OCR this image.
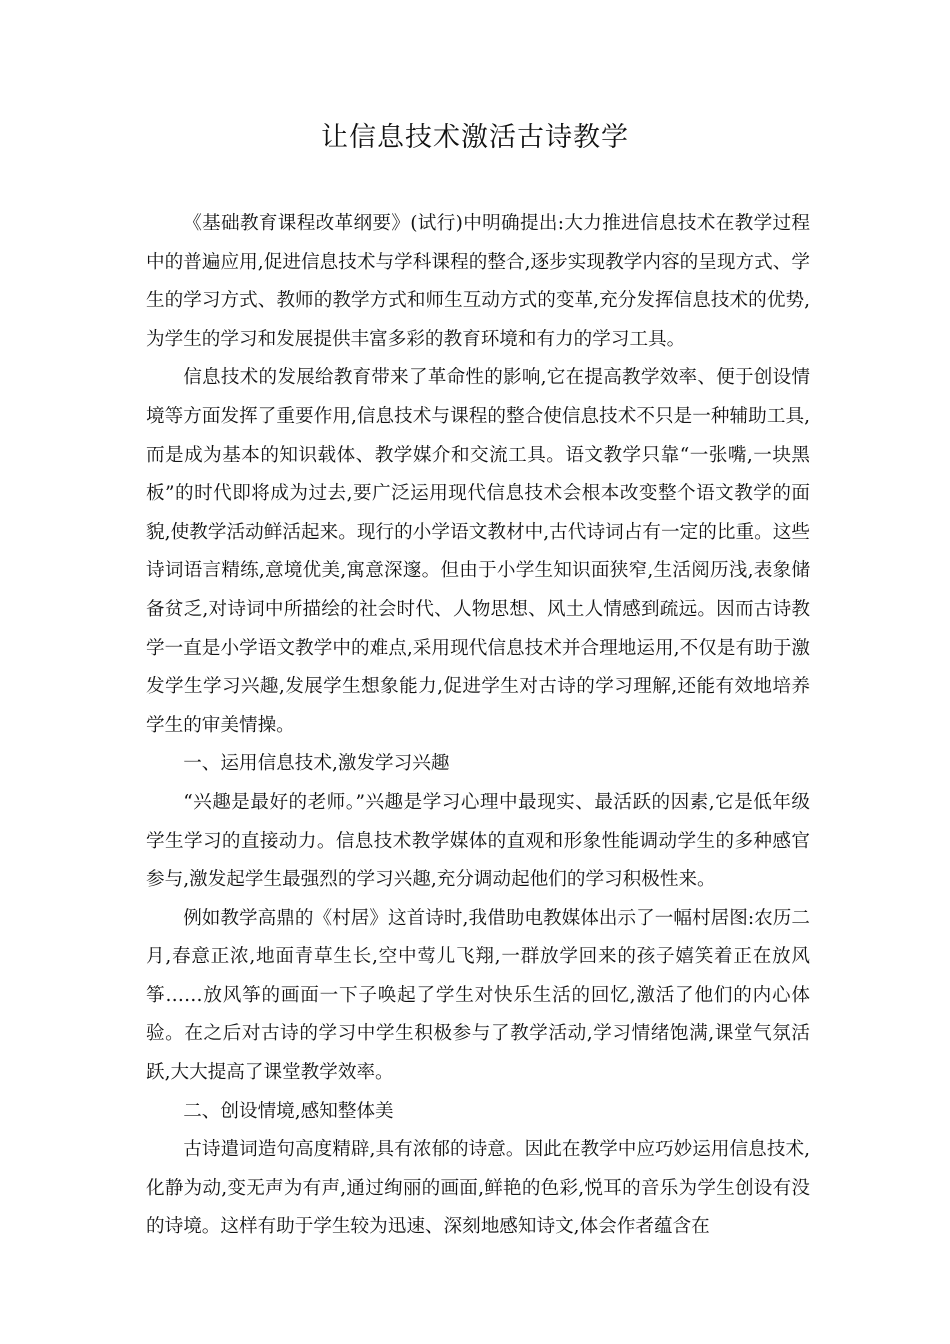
让信息技术激活古诗教学

《基础教育课程改革纲要》(试行)中明确提出:大力推进信息技术在教学过程中的普遍应用,促进信息技术与学科课程的整合,逐步实现教学内容的呈现方式、学生的学习方式、教师的教学方式和师生互动方式的变革,充分发挥信息技术的优势,为学生的学习和发展提供丰富多彩的教育环境和有力的学习工具。

信息技术的发展给教育带来了革命性的影响,它在提高教学效率、便于创设情境等方面发挥了重要作用,信息技术与课程的整合使信息技术不只是一种辅助工具,而是成为基本的知识载体、教学媒介和交流工具。语文教学只靠“一张嘴,一块黑板”的时代即将成为过去,要广泛运用现代信息技术会根本改变整个语文教学的面貌,使教学活动鲜活起来。现行的小学语文教材中,古代诗词占有一定的比重。这些诗词语言精练,意境优美,寓意深邃。但由于小学生知识面狭窄,生活阅历浅,表象储备贫乏,对诗词中所描绘的社会时代、人物思想、风土人情感到疏远。因而古诗教学一直是小学语文教学中的难点,采用现代信息技术并合理地运用,不仅是有助于激发学生学习兴趣,发展学生想象能力,促进学生对古诗的学习理解,还能有效地培养学生的审美情操。

一、运用信息技术,激发学习兴趣

“兴趣是最好的老师。”兴趣是学习心理中最现实、最活跃的因素,它是低年级学生学习的直接动力。信息技术教学媒体的直观和形象性能调动学生的多种感官参与,激发起学生最强烈的学习兴趣,充分调动起他们的学习积极性来。

例如教学高鼎的《村居》这首诗时,我借助电教媒体出示了一幅村居图:农历二月,春意正浓,地面青草生长,空中莺儿飞翔,一群放学回来的孩子嬉笑着正在放风筝……放风筝的画面一下子唤起了学生对快乐生活的回忆,激活了他们的内心体验。在之后对古诗的学习中学生积极参与了教学活动,学习情绪饱满,课堂气氛活跃,大大提高了课堂教学效率。

二、创设情境,感知整体美

古诗遣词造句高度精辟,具有浓郁的诗意。因此在教学中应巧妙运用信息技术,化静为动,变无声为有声,通过绚丽的画面,鲜艳的色彩,悦耳的音乐为学生创设有没的诗境。这样有助于学生较为迅速、深刻地感知诗文,体会作者蕴含在
